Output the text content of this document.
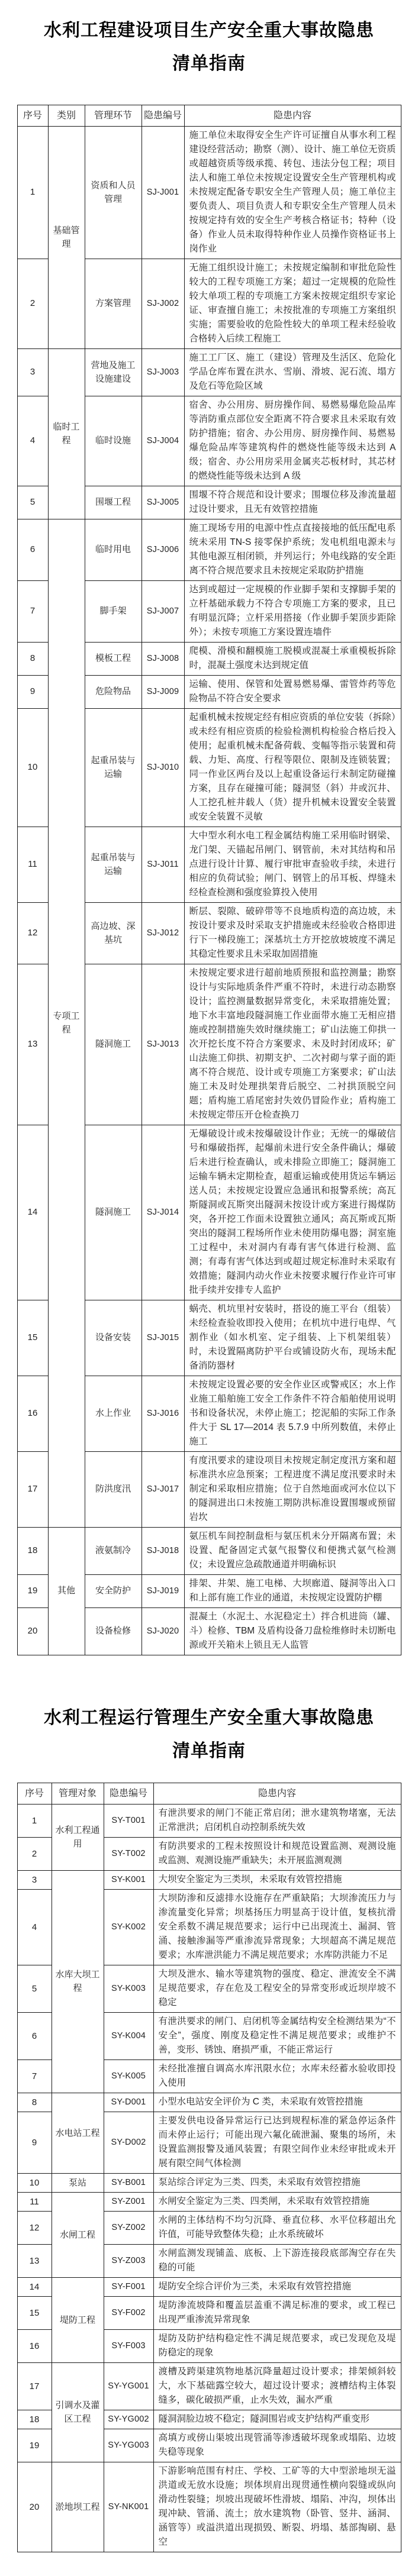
水利工程建设项目生产安全重大事故隐患
清单指南
序号	类别	管理环节	隐患编号	隐患内容
1	基础管理	资质和人员管理	SJ-J001	施工单位未取得安全生产许可证擅自从事水利工程建设经营活动；勘察（测）、设计、施工单位无资质或超越资质等级承揽、转包、违法分包工程；项目法人和施工单位未按规定设置安全生产管理机构或未按规定配备专职安全生产管理人员；施工单位主要负责人、项目负责人和专职安全生产管理人员未按规定持有效的安全生产考核合格证书；特种（设备）作业人员未取得特种作业人员操作资格证书上岗作业
2		方案管理	SJ-J002	无施工组织设计施工；未按规定编制和审批危险性较大的工程专项施工方案；超过一定规模的危险性较大单项工程的专项施工方案未按规定组织专家论证、审查擅自施工；未按批准的专项施工方案组织实施；需要验收的危险性较大的单项工程未经验收合格转入后续工程施工
3	临时工程	营地及施工设施建设	SJ-J003	施工工厂区、施工（建设）管理及生活区、危险化学品仓库布置在洪水、雪崩、滑坡、泥石流、塌方及危石等危险区域
4		临时设施	SJ-J004	宿舍、办公用房、厨房操作间、易燃易爆危险品库等消防重点部位安全距离不符合要求且未采取有效防护措施；宿舍、办公用房、厨房操作间、易燃易爆危险品库等建筑构件的燃烧性能等级未达到 A 级；宿舍、办公用房采用金属夹芯板材时，其芯材的燃烧性能等级未达到 A 级
5		围堰工程	SJ-J005	围堰不符合规范和设计要求；围堰位移及渗流量超过设计要求，且无有效管控措施
6	专项工程	临时用电	SJ-J006	施工现场专用的电源中性点直接接地的低压配电系统未采用 TN-S 接零保护系统；发电机组电源未与其他电源互相闭锁，并列运行；外电线路的安全距离不符合规范要求且未按规定采取防护措施
7		脚手架	SJ-J007	达到或超过一定规模的作业脚手架和支撑脚手架的立杆基础承载力不符合专项施工方案的要求，且已有明显沉降；立杆采用搭接（作业脚手架顶步距除外）；未按专项施工方案设置连墙件
8		模板工程	SJ-J008	爬模、滑模和翻模施工脱模或混凝土承重模板拆除时，混凝土强度未达到规定值
9		危险物品	SJ-J009	运输、使用、保管和处置易燃易爆、雷管炸药等危险物品不符合安全要求
10		起重吊装与运输	SJ-J010	起重机械未按规定经有相应资质的单位安装（拆除）或未经有相应资质的检验检测机构检验合格后投入使用；起重机械未配备荷载、变幅等指示装置和荷载、力矩、高度、行程等限位、限制及连锁装置；同一作业区两台及以上起重设备运行未制定防碰撞方案，且存在碰撞可能；隧洞竖（斜）井或沉井、人工挖孔桩井载人（货）提升机械未设置安全装置或安全装置不灵敏
11		起重吊装与运输	SJ-J011	大中型水利水电工程金属结构施工采用临时钢梁、龙门架、天锚起吊闸门、钢管前，未对其结构和吊点进行设计计算、履行审批审查验收手续，未进行相应的负荷试验；闸门、钢管上的吊耳板、焊缝未经检查检测和强度验算投入使用
12		高边坡、深基坑	SJ-J012	断层、裂隙、破碎带等不良地质构造的高边坡，未按设计要求及时采取支护措施或未经验收合格即进行下一梯段施工；深基坑土方开挖放坡坡度不满足其稳定性要求且未采取加固措施
13		隧洞施工	SJ-J013	未按规定要求进行超前地质预报和监控测量；勘察设计与实际地质条件严重不符时，未进行动态勘察设计；监控测量数据异常变化，未采取措施处置；地下水丰富地段隧洞施工作业面带水施工无相应措施或控制措施失效时继续施工；矿山法施工仰拱一次开挖长度不符合方案要求、未及时封闭成环；矿山法施工仰拱、初期支护、二次衬砌与掌子面的距离不符合规范、设计或专项施工方案要求；矿山法施工未及时处理拱架背后脱空、二衬拱顶脱空问题；盾构施工盾尾密封失效仍冒险作业；盾构施工未按规定带压开仓检查换刀
14		隧洞施工	SJ-J014	无爆破设计或未按爆破设计作业；无统一的爆破信号和爆破指挥，起爆前未进行安全条件确认；爆破后未进行检查确认，或未排险立即施工；隧洞施工运输车辆未定期检查，超重运输或使用货运车辆运送人员；未按规定设置应急通讯和报警系统；高瓦斯隧洞或瓦斯突出隧洞未按设计或方案进行揭煤防突，各开挖工作面未设置独立通风；高瓦斯或瓦斯突出的隧洞工程场所作业未使用防爆电器；洞室施工过程中，未对洞内有毒有害气体进行检测、监测；有毒有害气体达到或超过规定标准时未采取有效措施；隧洞内动火作业未按要求履行作业许可审批手续并安排专人监护
15		设备安装	SJ-J015	蜗壳、机坑里衬安装时，搭设的施工平台（组装）未经检查验收即投入使用；在机坑中进行电焊、气割作业（如水机室、定子组装、上下机架组装）时，未设置隔离防护平台或铺设防火布，现场未配备消防器材
16		水上作业	SJ-J016	未按规定设置必要的安全作业区或警戒区；水上作业施工船舶施工安全工作条件不符合船舶使用说明书和设备状况，未停止施工；挖泥船的实际工作条件大于 SL 17—2014 表 5.7.9 中所列数值，未停止施工
17		防洪度汛	SJ-J017	有度汛要求的建设项目未按规定制定度汛方案和超标准洪水应急预案；工程进度不满足度汛要求时未制定和采取相应措施；位于自然地面或河水位以下的隧洞进出口未按施工期防洪标准设置围堰或预留岩坎
18	其他	液氨制冷	SJ-J018	氨压机车间控制盘柜与氨压机未分开隔离布置；未设置、配备固定式氨气报警仪和便携式氨气检测仪；未设置应急疏散通道并明确标识
19		安全防护	SJ-J019	排架、井架、施工电梯、大坝廊道、隧洞等出入口和上部有施工作业的通道，未按规定设置防护棚
20		设备检修	SJ-J020	混凝土（水泥土、水泥稳定土）拌合机进筒（罐、斗）检修、TBM 及盾构设备刀盘检维修时未切断电源或开关箱未上锁且无人监管
水利工程运行管理生产安全重大事故隐患
清单指南
序号	管理对象	隐患编号	隐患内容
1	水利工程通用	SY-T001	有泄洪要求的闸门不能正常启闭；泄水建筑物堵塞，无法正常泄洪；启闭机自动控制系统失效
2		SY-T002	有防洪要求的工程未按照设计和规范设置监测、观测设施或监测、观测设施严重缺失；未开展监测观测
3	水库大坝工程	SY-K001	大坝安全鉴定为三类坝，未采取有效管控措施
4		SY-K002	大坝防渗和反滤排水设施存在严重缺陷；大坝渗流压力与渗流量变化异常；坝基扬压力明显高于设计值，复核抗滑安全系数不满足规范要求；运行中已出现流土、漏洞、管涌、接触渗漏等严重渗流异常现象；大坝超高不满足规范要求；水库泄洪能力不满足规范要求；水库防洪能力不足
5		SY-K003	大坝及泄水、输水等建筑物的强度、稳定、泄流安全不满足规范要求，存在危及工程安全的异常变形或近坝岸坡不稳定
6		SY-K004	有泄洪要求的闸门、启闭机等金属结构安全检测结果为“不安全”，强度、刚度及稳定性不满足规范要求；或维护不善，变形、锈蚀、磨损严重，不能正常运行
7		SY-K005	未经批准擅自调高水库汛限水位；水库未经蓄水验收即投入使用
8	水电站工程	SY-D001	小型水电站安全评价为 C 类，未采取有效管控措施
9		SY-D002	主要发供电设备异常运行已达到规程标准的紧急停运条件而未停止运行；可能出现六氟化硫泄漏、聚集的场所，未设置监测报警及通风装置；有限空间作业未经审批或未开展有限空间气体检测
10	泵站	SY-B001	泵站综合评定为三类、四类，未采取有效管控措施
11	水闸工程	SY-Z001	水闸安全鉴定为三类、四类闸，未采取有效管控措施
12		SY-Z002	水闸的主体结构不均匀沉降、垂直位移、水平位移超出允许值，可能导致整体失稳；止水系统破坏
13		SY-Z003	水闸监测发现铺盖、底板、上下游连接段底部淘空存在失稳的可能
14	堤防工程	SY-F001	堤防安全综合评价为三类，未采取有效管控措施
15		SY-F002	堤防渗流坡降和覆盖层盖重不满足标准的要求，或工程已出现严重渗流异常现象
16		SY-F003	堤防及防护结构稳定性不满足规范要求，或已发现危及堤防稳定的现象
17	引调水及灌区工程	SY-YG001	渡槽及跨渠建筑物地基沉降量超过设计要求；排架倾斜较大，水下基础露空较大，超过设计要求；渡槽结构主体裂缝多，碳化破损严重，止水失效，漏水严重
18		SY-YG002	隧洞洞脸边坡不稳定；隧洞围岩或支护结构严重变形
19		SY-YG003	高填方或傍山渠坡出现管涌等渗透破坏现象或塌陷、边坡失稳等现象
20	淤地坝工程	SY-NK001	下游影响范围有村庄、学校、工矿等的大中型淤地坝无溢洪道或无放水设施；坝体坝肩出现贯通性横向裂缝或纵向滑动性裂缝；坝坡出现破坏性滑坡、塌陷、冲沟，坝体出现冲缺、管涌、流土；放水建筑物（卧管、竖井、涵洞、涵管等）或溢洪道出现损毁、断裂、坍塌、基部掏刷、悬空
